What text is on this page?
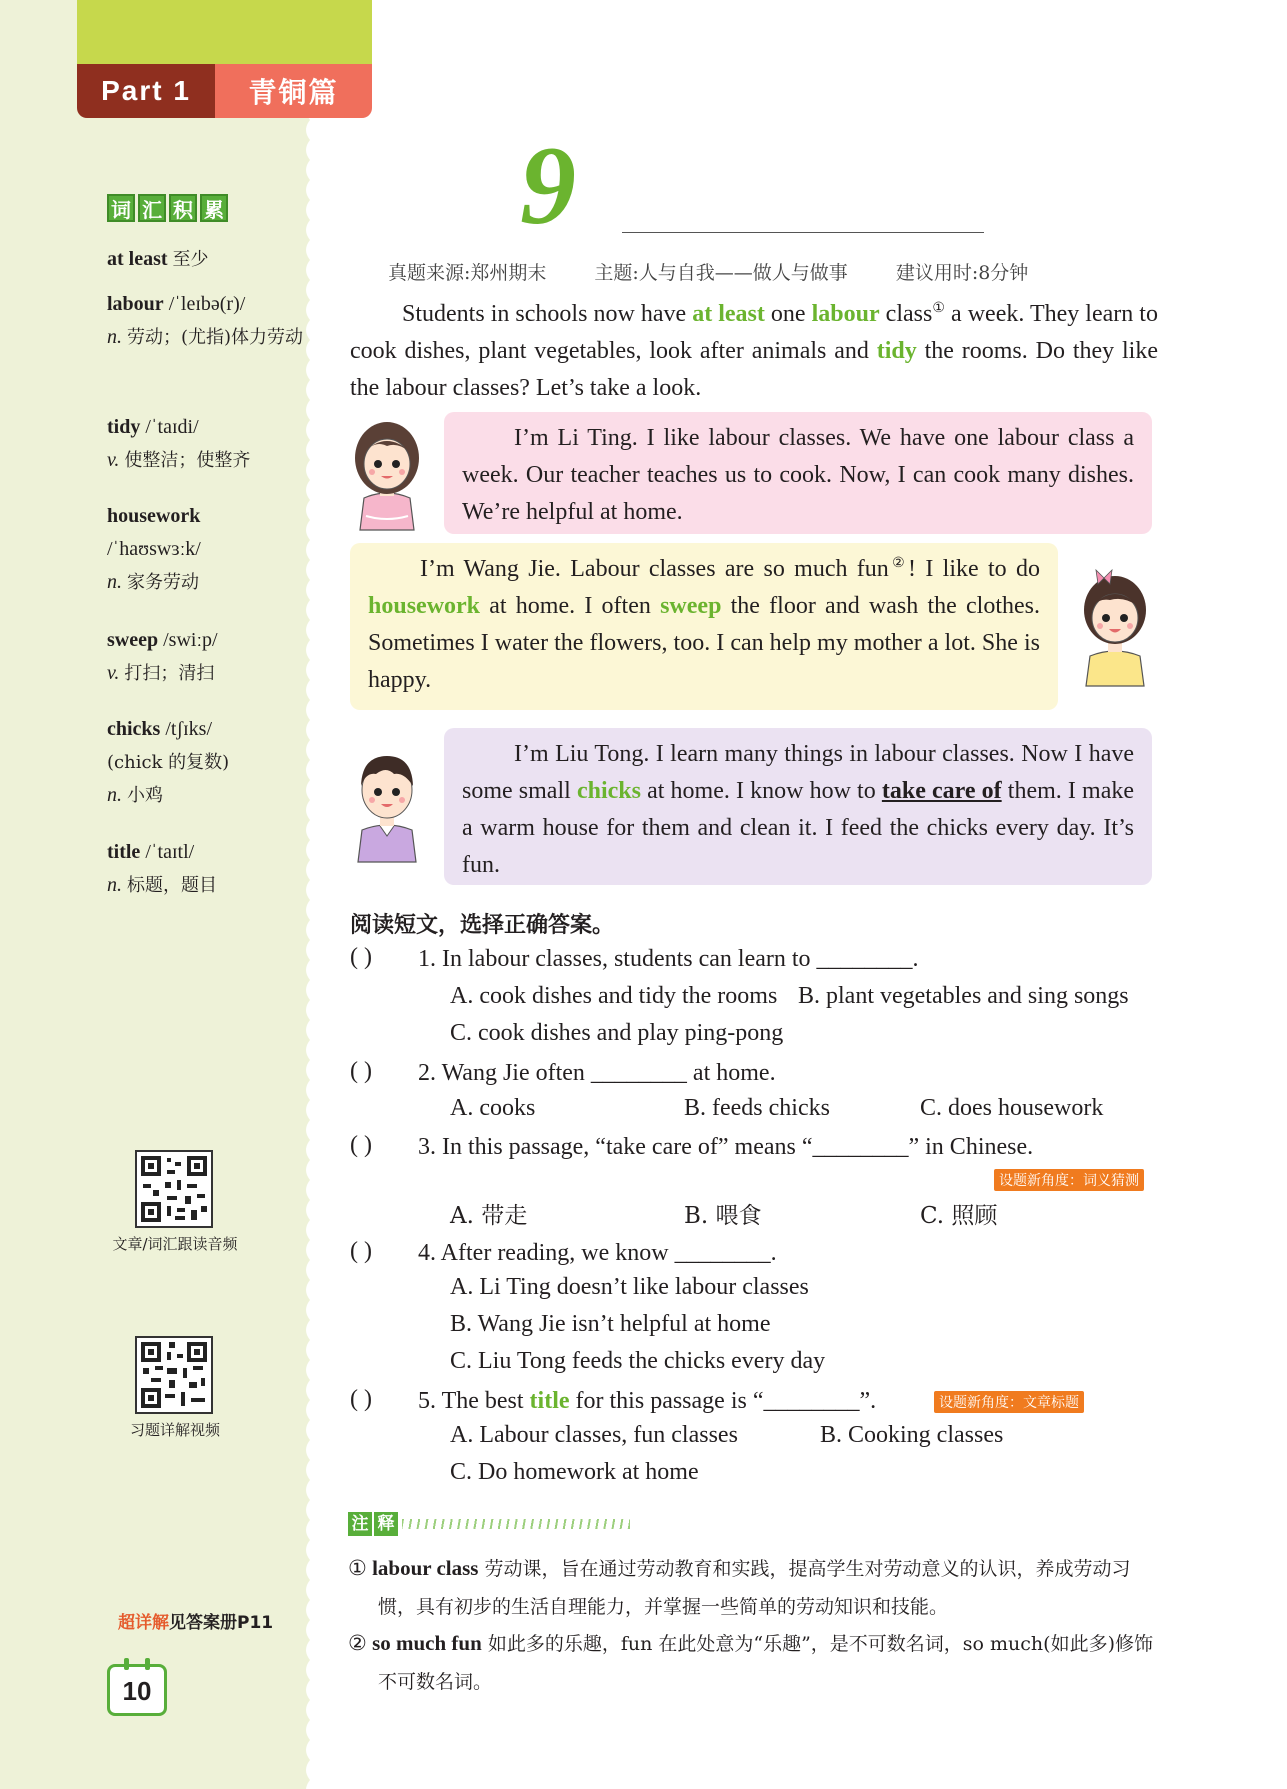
Part 1	青铜篇
词 汇 积 累
at least 至少
labour /ˈleɪbə(r)/
n. 劳动；(尤指)体力劳动
tidy /ˈtaɪdi/
v. 使整洁；使整齐
housework
/ˈhaʊswɜːk/
n. 家务劳动
sweep /swiːp/
v. 打扫；清扫
chicks /tʃɪks/
(chick 的复数)
n. 小鸡
title /ˈtaɪtl/
n. 标题，题目
文章/词汇跟读音频
习题详解视频
超详解见答案册P11
10
9
真题来源:郑州期末	主题:人与自我——做人与做事	建议用时:8分钟
Students in schools now have at least one labour class① a week. They learn to cook dishes, plant vegetables, look after animals and tidy the rooms. Do they like the labour classes? Let’s take a look.
I’m Li Ting. I like labour classes. We have one labour class a week. Our teacher teaches us to cook. Now, I can cook many dishes. We’re helpful at home.
I’m Wang Jie. Labour classes are so much fun②! I like to do housework at home. I often sweep the floor and wash the clothes. Sometimes I water the flowers, too. I can help my mother a lot. She is happy.
I’m Liu Tong. I learn many things in labour classes. Now I have some small chicks at home. I know how to take care of them. I make a warm house for them and clean it. I feed the chicks every day. It’s fun.
阅读短文，选择正确答案。
( ) 1. In labour classes, students can learn to ________.
A. cook dishes and tidy the rooms B. plant vegetables and sing songs
C. cook dishes and play ping-pong
( ) 2. Wang Jie often ________ at home.
A. cooks	B. feeds chicks	C. does housework
( ) 3. In this passage, “take care of” means “________” in Chinese.
设题新角度：词义猜测
A. 带走	B. 喂食	C. 照顾
( ) 4. After reading, we know ________.
A. Li Ting doesn’t like labour classes
B. Wang Jie isn’t helpful at home
C. Liu Tong feeds the chicks every day
( ) 5. The best title for this passage is “________”.	设题新角度：文章标题
A. Labour classes, fun classes	B. Cooking classes
C. Do homework at home
注 释
① labour class 劳动课，旨在通过劳动教育和实践，提高学生对劳动意义的认识，养成劳动习惯，具有初步的生活自理能力，并掌握一些简单的劳动知识和技能。
② so much fun 如此多的乐趣，fun 在此处意为“乐趣”，是不可数名词，so much(如此多)修饰不可数名词。
